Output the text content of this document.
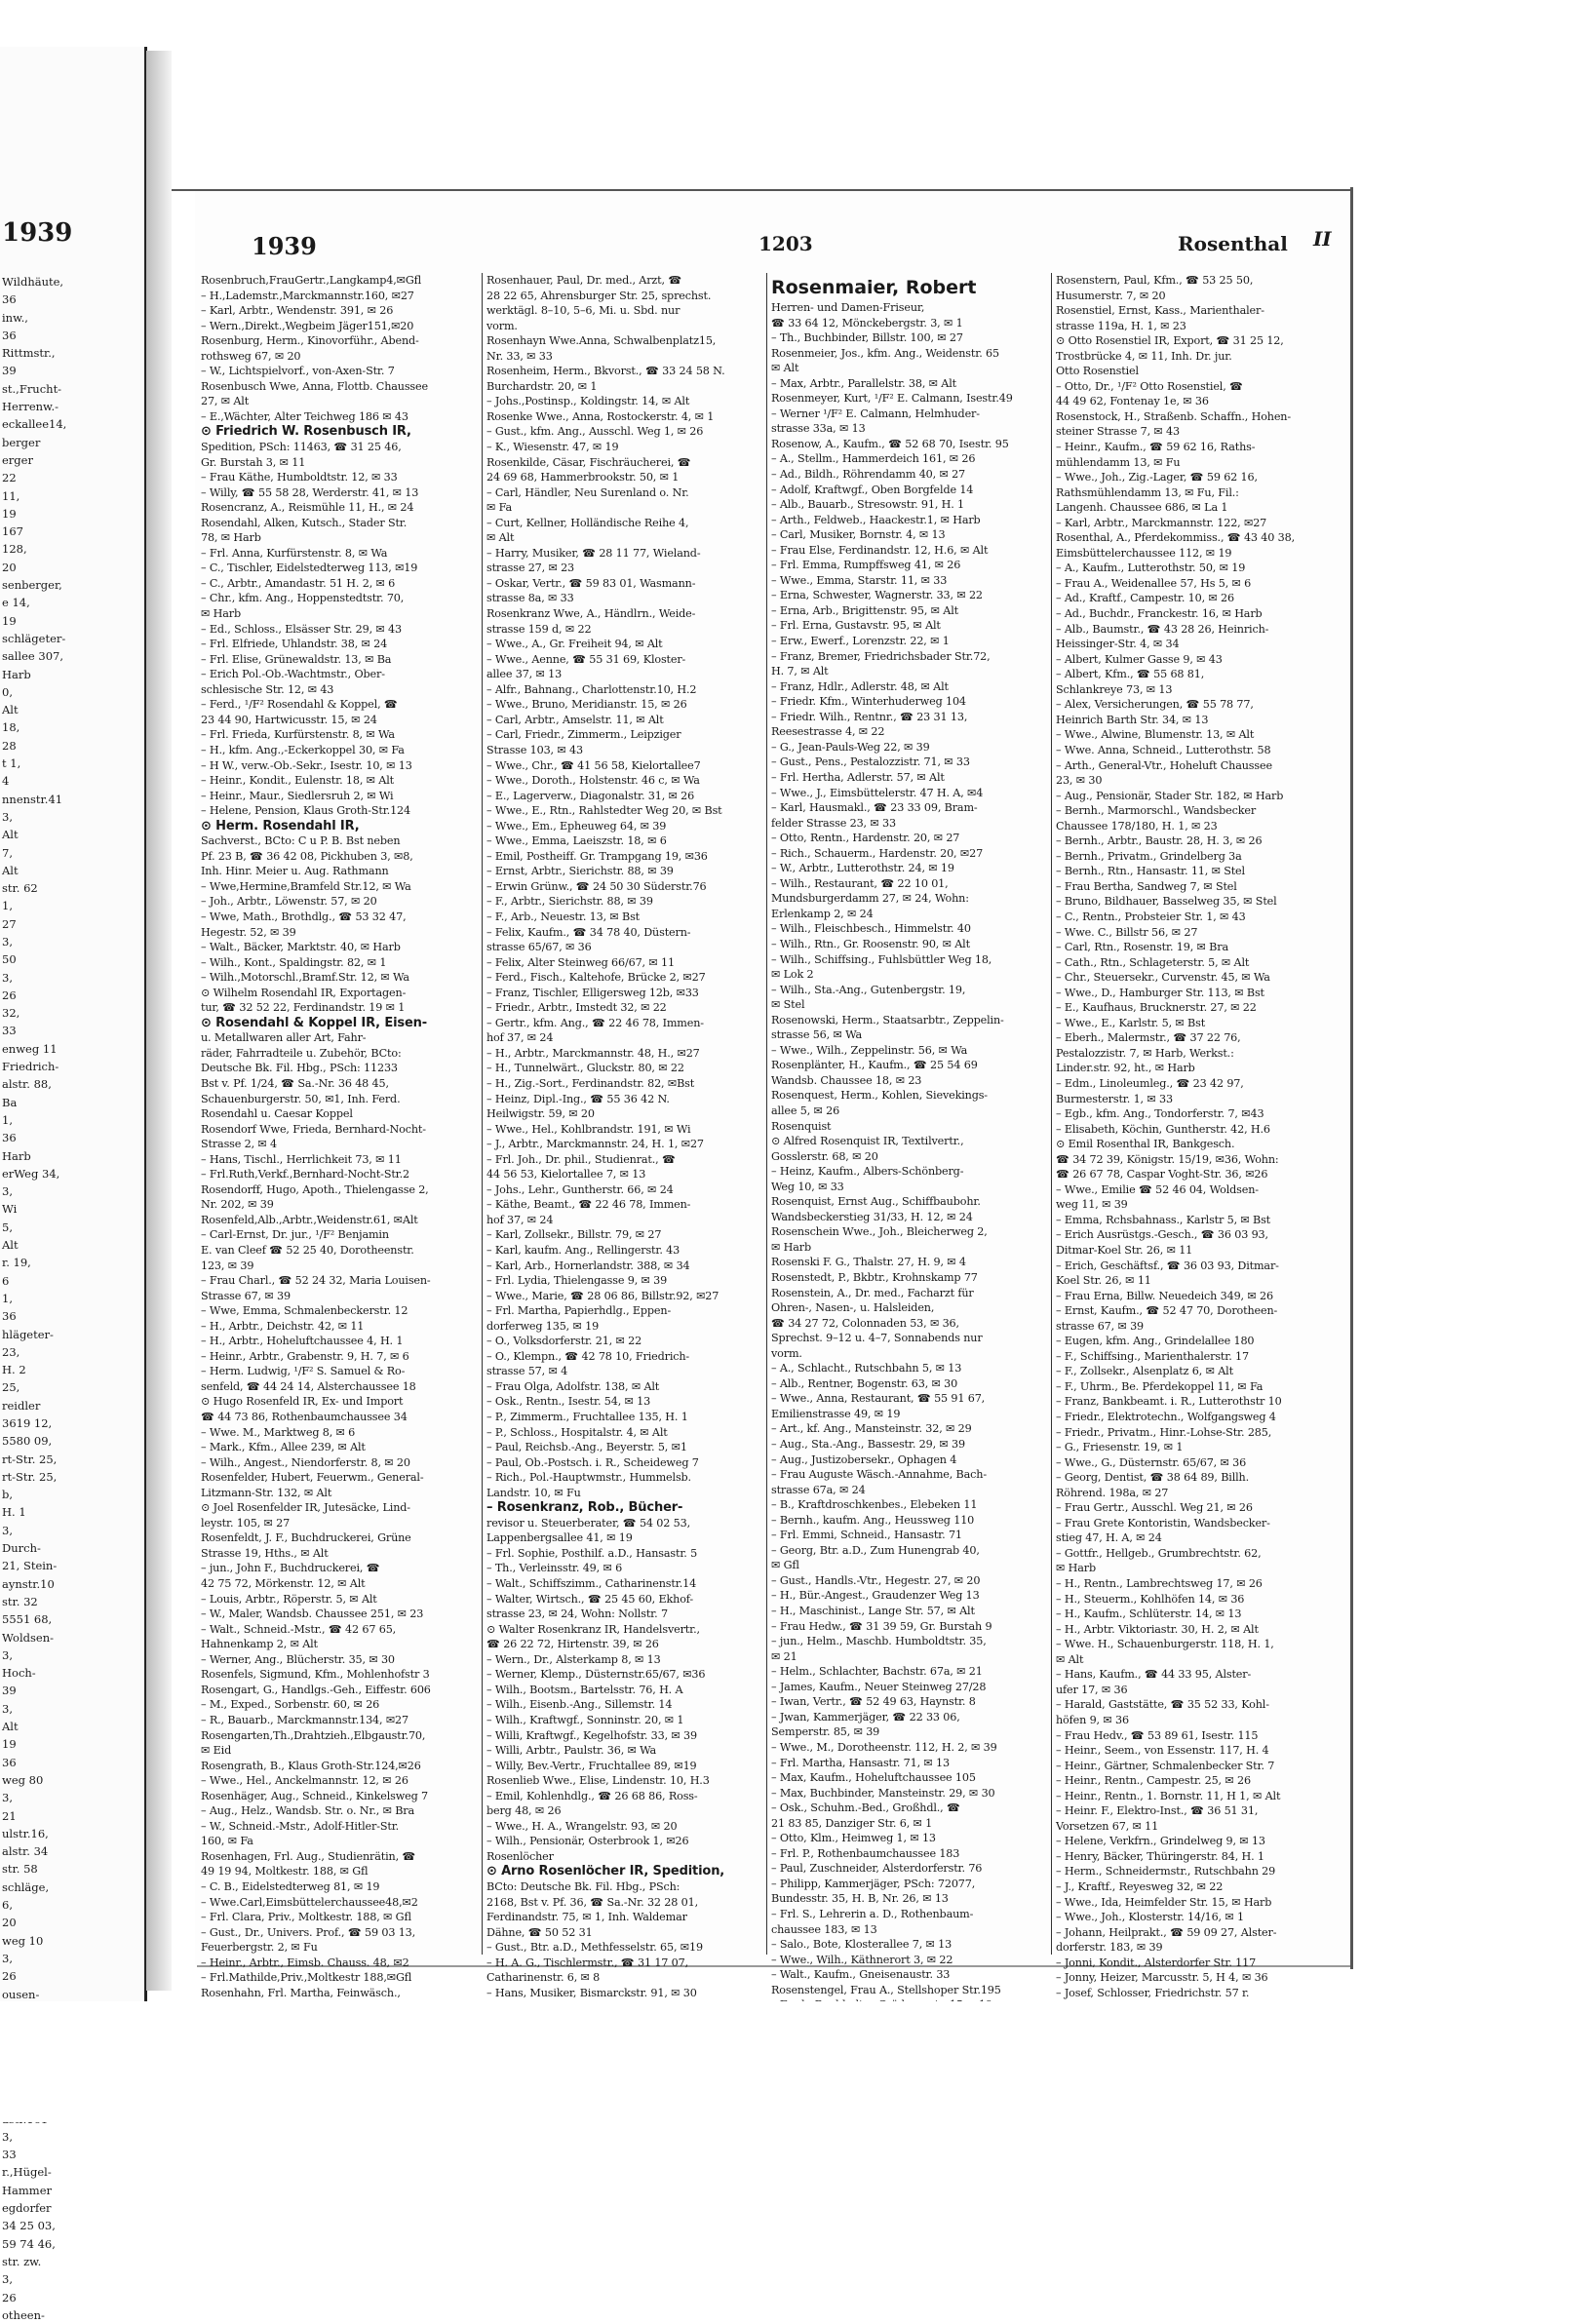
1939
Wildhäute,
36
inw.,
36
Rittmstr.,
39
st.,Frucht-
Herrenw.-
eckallee14,
berger
erger
22
11,
19
167
128,
20
senberger,
e 14,
19
schlägeter-
sallee 307,
Harb
0,
Alt
18,
28
t 1,
4
nnenstr.41
3,
Alt
7,
Alt
str. 62
1,
27
3,
50
3,
26
32,
33
enweg 11
Friedrich-
alstr. 88,
Ba
1,
36
Harb
erWeg 34,
3,
Wi
5,
Alt
r. 19,
6
1,
36
hlägeter-
23,
H. 2
25,
reidler
3619 12,
5580 09,
rt-Str. 25,
rt-Str. 25,
b,
H. 1
3,
Durch-
21, Stein-
aynstr.10
str. 32
5551 68,
Woldsen-
3,
Hoch-
39
3,
Alt
19
36
weg 80
3,
21
ulstr.16,
alstr. 34
str. 58
schläge,
6,
20
weg 10
3,
26
ousen-
3,
33
r.,Hügel-
Hammer
egdorfer
34 25 03,
59 74 46,
str. zw.
3,
26
otheen-
1939	1203	Rosenthal II
Rosenbruch,FrauGertr.,Langkamp4,✉Gfl
– H.,Lademstr.,Marckmannstr.160, ✉27
– Karl, Arbtr., Wendenstr. 391, ✉ 26
– Wern.,Direkt.,Wegbeim Jäger151,✉20
Rosenburg, Herm., Kinovorführ., Abend-
rothsweg 67, ✉ 20
– W., Lichtspielvorf., von-Axen-Str. 7
Rosenbusch Wwe, Anna, Flottb. Chaussee
27, ✉ Alt
– E.,Wächter, Alter Teichweg 186 ✉ 43
⊙ Friedrich W. Rosenbusch IR,
Spedition, PSch: 11463, ☎ 31 25 46,
Gr. Burstah 3, ✉ 11
– Frau Käthe, Humboldtstr. 12, ✉ 33
– Willy, ☎ 55 58 28, Werderstr. 41, ✉ 13
Rosencranz, A., Reismühle 11, H., ✉ 24
Rosendahl, Alken, Kutsch., Stader Str.
78, ✉ Harb
– Frl. Anna, Kurfürstenstr. 8, ✉ Wa
– C., Tischler, Eidelstedterweg 113, ✉19
– C., Arbtr., Amandastr. 51 H. 2, ✉ 6
– Chr., kfm. Ang., Hoppenstedtstr. 70,
✉ Harb
– Ed., Schloss., Elsässer Str. 29, ✉ 43
– Frl. Elfriede, Uhlandstr. 38, ✉ 24
– Frl. Elise, Grünewaldstr. 13, ✉ Ba
– Erich Pol.-Ob.-Wachtmstr., Ober-
schlesische Str. 12, ✉ 43
– Ferd., ¹/F² Rosendahl & Koppel, ☎
23 44 90, Hartwicusstr. 15, ✉ 24
– Frl. Frieda, Kurfürstenstr. 8, ✉ Wa
– H., kfm. Ang.,-Eckerkoppel 30, ✉ Fa
– H W., verw.-Ob.-Sekr., Isestr. 10, ✉ 13
– Heinr., Kondit., Eulenstr. 18, ✉ Alt
– Heinr., Maur., Siedlersruh 2, ✉ Wi
– Helene, Pension, Klaus Groth-Str.124
⊙ Herm. Rosendahl IR,
Sachverst., BCto: C u P. B. Bst neben
Pf. 23 B, ☎ 36 42 08, Pickhuben 3, ✉8,
Inh. Hinr. Meier u. Aug. Rathmann
– Wwe,Hermine,Bramfeld Str.12, ✉ Wa
– Joh., Arbtr., Löwenstr. 57, ✉ 20
– Wwe, Math., Brothdlg., ☎ 53 32 47,
Hegestr. 52, ✉ 39
– Walt., Bäcker, Marktstr. 40, ✉ Harb
– Wilh., Kont., Spaldingstr. 82, ✉ 1
– Wilh.,Motorschl.,Bramf.Str. 12, ✉ Wa
⊙ Wilhelm Rosendahl IR, Exportagen-
tur, ☎ 32 52 22, Ferdinandstr. 19 ✉ 1
⊙ Rosendahl & Koppel IR, Eisen-
u. Metallwaren aller Art, Fahr-
räder, Fahrradteile u. Zubehör, BCto:
Deutsche Bk. Fil. Hbg., PSch: 11233
Bst v. Pf. 1/24, ☎ Sa.-Nr. 36 48 45,
Schauenburgerstr. 50, ✉1, Inh. Ferd.
Rosendahl u. Caesar Koppel
Rosendorf Wwe, Frieda, Bernhard-Nocht-
Strasse 2, ✉ 4
– Hans, Tischl., Herrlichkeit 73, ✉ 11
– Frl.Ruth,Verkf.,Bernhard-Nocht-Str.2
Rosendorff, Hugo, Apoth., Thielengasse 2,
Nr. 202, ✉ 39
Rosenfeld,Alb.,Arbtr.,Weidenstr.61, ✉Alt
– Carl-Ernst, Dr. jur., ¹/F² Benjamin
E. van Cleef ☎ 52 25 40, Dorotheenstr.
123, ✉ 39
– Frau Charl., ☎ 52 24 32, Maria Louisen-
Strasse 67, ✉ 39
– Wwe, Emma, Schmalenbeckerstr. 12
– H., Arbtr., Deichstr. 42, ✉ 11
– H., Arbtr., Hoheluftchaussee 4, H. 1
– Heinr., Arbtr., Grabenstr. 9, H. 7, ✉ 6
– Herm. Ludwig, ¹/F² S. Samuel & Ro-
senfeld, ☎ 44 24 14, Alsterchaussee 18
⊙ Hugo Rosenfeld IR, Ex- und Import
☎ 44 73 86, Rothenbaumchaussee 34
– Wwe. M., Marktweg 8, ✉ 6
– Mark., Kfm., Allee 239, ✉ Alt
– Wilh., Angest., Niendorferstr. 8, ✉ 20
Rosenfelder, Hubert, Feuerwm., General-
Litzmann-Str. 132, ✉ Alt
⊙ Joel Rosenfelder IR, Jutesäcke, Lind-
leystr. 105, ✉ 27
Rosenfeldt, J. F., Buchdruckerei, Grüne
Strasse 19, Hths., ✉ Alt
– jun., John F., Buchdruckerei, ☎
42 75 72, Mörkenstr. 12, ✉ Alt
– Louis, Arbtr., Röperstr. 5, ✉ Alt
– W., Maler, Wandsb. Chaussee 251, ✉ 23
– Walt., Schneid.-Mstr., ☎ 42 67 65,
Hahnenkamp 2, ✉ Alt
– Werner, Ang., Blücherstr. 35, ✉ 30
Rosenfels, Sigmund, Kfm., Mohlenhofstr 3
Rosengart, G., Handlgs.-Geh., Eiffestr. 606
– M., Exped., Sorbenstr. 60, ✉ 26
– R., Bauarb., Marckmannstr.134, ✉27
Rosengarten,Th.,Drahtzieh.,Elbgaustr.70,
✉ Eid
Rosengrath, B., Klaus Groth-Str.124,✉26
– Wwe., Hel., Anckelmannstr. 12, ✉ 26
Rosenhäger, Aug., Schneid., Kinkelsweg 7
– Aug., Helz., Wandsb. Str. o. Nr., ✉ Bra
– W., Schneid.-Mstr., Adolf-Hitler-Str.
160, ✉ Fa
Rosenhagen, Frl. Aug., Studienrätin, ☎
49 19 94, Moltkestr. 188, ✉ Gfl
– C. B., Eidelstedterweg 81, ✉ 19
– Wwe.Carl,Eimsbüttelerchaussee48,✉2
– Frl. Clara, Priv., Moltkestr. 188, ✉ Gfl
– Gust., Dr., Univers. Prof., ☎ 59 03 13,
Feuerbergstr. 2, ✉ Fu
– Heinr., Arbtr., Eimsb. Chauss. 48, ✉2
– Frl.Mathilde,Priv.,Moltkestr 188,✉Gfl
Rosenhahn, Frl. Martha, Feinwäsch.,
Rosenhauer, Paul, Dr. med., Arzt, ☎
28 22 65, Ahrensburger Str. 25, sprechst.
werktägl. 8–10, 5–6, Mi. u. Sbd. nur
vorm.
Rosenhayn Wwe.Anna, Schwalbenplatz15,
Nr. 33, ✉ 33
Rosenheim, Herm., Bkvorst., ☎ 33 24 58 N.
Burchardstr. 20, ✉ 1
– Johs.,Postinsp., Koldingstr. 14, ✉ Alt
Rosenke Wwe., Anna, Rostockerstr. 4, ✉ 1
– Gust., kfm. Ang., Ausschl. Weg 1, ✉ 26
– K., Wiesenstr. 47, ✉ 19
Rosenkilde, Cäsar, Fischräucherei, ☎
24 69 68, Hammerbrookstr. 50, ✉ 1
– Carl, Händler, Neu Surenland o. Nr.
✉ Fa
– Curt, Kellner, Holländische Reihe 4,
✉ Alt
– Harry, Musiker, ☎ 28 11 77, Wieland-
strasse 27, ✉ 23
– Oskar, Vertr., ☎ 59 83 01, Wasmann-
strasse 8a, ✉ 33
Rosenkranz Wwe, A., Händlrn., Weide-
strasse 159 d, ✉ 22
– Wwe., A., Gr. Freiheit 94, ✉ Alt
– Wwe., Aenne, ☎ 55 31 69, Kloster-
allee 37, ✉ 13
– Alfr., Bahnang., Charlottenstr.10, H.2
– Wwe., Bruno, Meridianstr. 15, ✉ 26
– Carl, Arbtr., Amselstr. 11, ✉ Alt
– Carl, Friedr., Zimmerm., Leipziger
Strasse 103, ✉ 43
– Wwe., Chr., ☎ 41 56 58, Kielortallee7
– Wwe., Doroth., Holstenstr. 46 c, ✉ Wa
– E., Lagerverw., Diagonalstr. 31, ✉ 26
– Wwe., E., Rtn., Rahlstedter Weg 20, ✉ Bst
– Wwe., Em., Epheuweg 64, ✉ 39
– Wwe., Emma, Laeiszstr. 18, ✉ 6
– Emil, Postheiff. Gr. Trampgang 19, ✉36
– Ernst, Arbtr., Sierichstr. 88, ✉ 39
– Erwin Grünw., ☎ 24 50 30 Süderstr.76
– F., Arbtr., Sierichstr. 88, ✉ 39
– F., Arb., Neuestr. 13, ✉ Bst
– Felix, Kaufm., ☎ 34 78 40, Düstern-
strasse 65/67, ✉ 36
– Felix, Alter Steinweg 66/67, ✉ 11
– Ferd., Fisch., Kaltehofe, Brücke 2, ✉27
– Franz, Tischler, Elligersweg 12b, ✉33
– Friedr., Arbtr., Imstedt 32, ✉ 22
– Gertr., kfm. Ang., ☎ 22 46 78, Immen-
hof 37, ✉ 24
– H., Arbtr., Marckmannstr. 48, H., ✉27
– H., Tunnelwärt., Gluckstr. 80, ✉ 22
– H., Zig.-Sort., Ferdinandstr. 82, ✉Bst
– Heinz, Dipl.-Ing., ☎ 55 36 42 N.
Heilwigstr. 59, ✉ 20
– Wwe., Hel., Kohlbrandstr. 191, ✉ Wi
– J., Arbtr., Marckmannstr. 24, H. 1, ✉27
– Frl. Joh., Dr. phil., Studienrat., ☎
44 56 53, Kielortallee 7, ✉ 13
– Johs., Lehr., Guntherstr. 66, ✉ 24
– Käthe, Beamt., ☎ 22 46 78, Immen-
hof 37, ✉ 24
– Karl, Zollsekr., Billstr. 79, ✉ 27
– Karl, kaufm. Ang., Rellingerstr. 43
– Karl, Arb., Hornerlandstr. 388, ✉ 34
– Frl. Lydia, Thielengasse 9, ✉ 39
– Wwe., Marie, ☎ 28 06 86, Billstr.92, ✉27
– Frl. Martha, Papierhdlg., Eppen-
dorferweg 135, ✉ 19
– O., Volksdorferstr. 21, ✉ 22
– O., Klempn., ☎ 42 78 10, Friedrich-
strasse 57, ✉ 4
– Frau Olga, Adolfstr. 138, ✉ Alt
– Osk., Rentn., Isestr. 54, ✉ 13
– P., Zimmerm., Fruchtallee 135, H. 1
– P., Schloss., Hospitalstr. 4, ✉ Alt
– Paul, Reichsb.-Ang., Beyerstr. 5, ✉1
– Paul, Ob.-Postsch. i. R., Scheideweg 7
– Rich., Pol.-Hauptwmstr., Hummelsb.
Landstr. 10, ✉ Fu
– Rosenkranz, Rob., Bücher-
revisor u. Steuerberater, ☎ 54 02 53,
Lappenbergsallee 41, ✉ 19
– Frl. Sophie, Posthilf. a.D., Hansastr. 5
– Th., Verleinsstr. 49, ✉ 6
– Walt., Schiffszimm., Catharinenstr.14
– Walter, Wirtsch., ☎ 25 45 60, Ekhof-
strasse 23, ✉ 24, Wohn: Nollstr. 7
⊙ Walter Rosenkranz IR, Handelsvertr.,
☎ 26 22 72, Hirtenstr. 39, ✉ 26
– Wern., Dr., Alsterkamp 8, ✉ 13
– Werner, Klemp., Düsternstr.65/67, ✉36
– Wilh., Bootsm., Bartelsstr. 76, H. A
– Wilh., Eisenb.-Ang., Sillemstr. 14
– Wilh., Kraftwgf., Sonninstr. 20, ✉ 1
– Willi, Kraftwgf., Kegelhofstr. 33, ✉ 39
– Willi, Arbtr., Paulstr. 36, ✉ Wa
– Willy, Bev.-Vertr., Fruchtallee 89, ✉19
Rosenlieb Wwe., Elise, Lindenstr. 10, H.3
– Emil, Kohlenhdlg., ☎ 26 68 86, Ross-
berg 48, ✉ 26
– Wwe., H. A., Wrangelstr. 93, ✉ 20
– Wilh., Pensionär, Osterbrook 1, ✉26
Rosenlöcher
⊙ Arno Rosenlöcher IR, Spedition,
BCto: Deutsche Bk. Fil. Hbg., PSch:
2168, Bst v. Pf. 36, ☎ Sa.-Nr. 32 28 01,
Ferdinandstr. 75, ✉ 1, Inh. Waldemar
Dähne, ☎ 50 52 31
– Gust., Btr. a.D., Methfesselstr. 65, ✉19
– H. A. G., Tischlermstr., ☎ 31 17 07,
Catharinenstr. 6, ✉ 8
– Hans, Musiker, Bismarckstr. 91, ✉ 30
Rosenmaier, Robert
Herren- und Damen-Friseur,
☎ 33 64 12, Mönckebergstr. 3, ✉ 1
– Th., Buchbinder, Billstr. 100, ✉ 27
Rosenmeier, Jos., kfm. Ang., Weidenstr. 65
✉ Alt
– Max, Arbtr., Parallelstr. 38, ✉ Alt
Rosenmeyer, Kurt, ¹/F² E. Calmann, Isestr.49
– Werner ¹/F² E. Calmann, Helmhuder-
strasse 33a, ✉ 13
Rosenow, A., Kaufm., ☎ 52 68 70, Isestr. 95
– A., Stellm., Hammerdeich 161, ✉ 26
– Ad., Bildh., Röhrendamm 40, ✉ 27
– Adolf, Kraftwgf., Oben Borgfelde 14
– Alb., Bauarb., Stresowstr. 91, H. 1
– Arth., Feldweb., Haackestr.1, ✉ Harb
– Carl, Musiker, Bornstr. 4, ✉ 13
– Frau Else, Ferdinandstr. 12, H.6, ✉ Alt
– Frl. Emma, Rumpffsweg 41, ✉ 26
– Wwe., Emma, Starstr. 11, ✉ 33
– Erna, Schwester, Wagnerstr. 33, ✉ 22
– Erna, Arb., Brigittenstr. 95, ✉ Alt
– Frl. Erna, Gustavstr. 95, ✉ Alt
– Erw., Ewerf., Lorenzstr. 22, ✉ 1
– Franz, Bremer, Friedrichsbader Str.72,
H. 7, ✉ Alt
– Franz, Hdlr., Adlerstr. 48, ✉ Alt
– Friedr. Kfm., Winterhuderweg 104
– Friedr. Wilh., Rentnr., ☎ 23 31 13,
Reesestrasse 4, ✉ 22
– G., Jean-Pauls-Weg 22, ✉ 39
– Gust., Pens., Pestalozzistr. 71, ✉ 33
– Frl. Hertha, Adlerstr. 57, ✉ Alt
– Wwe., J., Eimsbüttelerstr. 47 H. A, ✉4
– Karl, Hausmakl., ☎ 23 33 09, Bram-
felder Strasse 23, ✉ 33
– Otto, Rentn., Hardenstr. 20, ✉ 27
– Rich., Schauerm., Hardenstr. 20, ✉27
– W., Arbtr., Lutterothstr. 24, ✉ 19
– Wilh., Restaurant, ☎ 22 10 01,
Mundsburgerdamm 27, ✉ 24, Wohn:
Erlenkamp 2, ✉ 24
– Wilh., Fleischbesch., Himmelstr. 40
– Wilh., Rtn., Gr. Roosenstr. 90, ✉ Alt
– Wilh., Schiffsing., Fuhlsbüttler Weg 18,
✉ Lok 2
– Wilh., Sta.-Ang., Gutenbergstr. 19,
✉ Stel
Rosenowski, Herm., Staatsarbtr., Zeppelin-
strasse 56, ✉ Wa
– Wwe., Wilh., Zeppelinstr. 56, ✉ Wa
Rosenplänter, H., Kaufm., ☎ 25 54 69
Wandsb. Chaussee 18, ✉ 23
Rosenquest, Herm., Kohlen, Sievekings-
allee 5, ✉ 26
Rosenquist
⊙ Alfred Rosenquist IR, Textilvertr.,
Gosslerstr. 68, ✉ 20
– Heinz, Kaufm., Albers-Schönberg-
Weg 10, ✉ 33
Rosenquist, Ernst Aug., Schiffbaubohr.
Wandsbeckerstieg 31/33, H. 12, ✉ 24
Rosenschein Wwe., Joh., Bleicherweg 2,
✉ Harb
Rosenski F. G., Thalstr. 27, H. 9, ✉ 4
Rosenstedt, P., Bkbtr., Krohnskamp 77
Rosenstein, A., Dr. med., Facharzt für
Ohren-, Nasen-, u. Halsleiden,
☎ 34 27 72, Colonnaden 53, ✉ 36,
Sprechst. 9–12 u. 4–7, Sonnabends nur
vorm.
– A., Schlacht., Rutschbahn 5, ✉ 13
– Alb., Rentner, Bogenstr. 63, ✉ 30
– Wwe., Anna, Restaurant, ☎ 55 91 67,
Emilienstrasse 49, ✉ 19
– Art., kf. Ang., Mansteinstr. 32, ✉ 29
– Aug., Sta.-Ang., Bassestr. 29, ✉ 39
– Aug., Justizobersekr., Ophagen 4
– Frau Auguste Wäsch.-Annahme, Bach-
strasse 67a, ✉ 24
– B., Kraftdroschkenbes., Elebeken 11
– Bernh., kaufm. Ang., Heussweg 110
– Frl. Emmi, Schneid., Hansastr. 71
– Georg, Btr. a.D., Zum Hunengrab 40,
✉ Gfl
– Gust., Handls.-Vtr., Hegestr. 27, ✉ 20
– H., Bür.-Angest., Graudenzer Weg 13
– H., Maschinist., Lange Str. 57, ✉ Alt
– Frau Hedw., ☎ 31 39 59, Gr. Burstah 9
– jun., Helm., Maschb. Humboldtstr. 35,
✉ 21
– Helm., Schlachter, Bachstr. 67a, ✉ 21
– James, Kaufm., Neuer Steinweg 27/28
– Iwan, Vertr., ☎ 52 49 63, Haynstr. 8
– Jwan, Kammerjäger, ☎ 22 33 06,
Semperstr. 85, ✉ 39
– Wwe., M., Dorotheenstr. 112, H. 2, ✉ 39
– Frl. Martha, Hansastr. 71, ✉ 13
– Max, Kaufm., Hoheluftchaussee 105
– Max, Buchbinder, Mansteinstr. 29, ✉ 30
– Osk., Schuhm.-Bed., Großhdl., ☎
21 83 85, Danziger Str. 6, ✉ 1
– Otto, Klm., Heimweg 1, ✉ 13
– Frl. P., Rothenbaumchaussee 183
– Paul, Zuschneider, Alsterdorferstr. 76
– Philipp, Kammerjäger, PSch: 72077,
Bundesstr. 35, H. B, Nr. 26, ✉ 13
– Frl. S., Lehrerin a. D., Rothenbaum-
chaussee 183, ✉ 13
– Salo., Bote, Klosterallee 7, ✉ 13
– Wwe., Wilh., Käthnerort 3, ✉ 22
– Walt., Kaufm., Gneisenaustr. 33
Rosenstengel, Frau A., Stellshoper Str.195
Rosenstern, Paul, Kfm., ☎ 53 25 50,
Husumerstr. 7, ✉ 20
Rosenstiel, Ernst, Kass., Marienthaler-
strasse 119a, H. 1, ✉ 23
⊙ Otto Rosenstiel IR, Export, ☎ 31 25 12,
Trostbrücke 4, ✉ 11, Inh. Dr. jur.
Otto Rosenstiel
– Otto, Dr., ¹/F² Otto Rosenstiel, ☎
44 49 62, Fontenay 1e, ✉ 36
Rosenstock, H., Straßenb. Schaffn., Hohen-
steiner Strasse 7, ✉ 43
– Heinr., Kaufm., ☎ 59 62 16, Raths-
mühlendamm 13, ✉ Fu
– Wwe., Joh., Zig.-Lager, ☎ 59 62 16,
Rathsmühlendamm 13, ✉ Fu, Fil.:
Langenh. Chaussee 686, ✉ La 1
– Karl, Arbtr., Marckmannstr. 122, ✉27
Rosenthal, A., Pferdekommiss., ☎ 43 40 38,
Eimsbüttelerchaussee 112, ✉ 19
– A., Kaufm., Lutterothstr. 50, ✉ 19
– Frau A., Weidenallee 57, Hs 5, ✉ 6
– Ad., Kraftf., Campestr. 10, ✉ 26
– Ad., Buchdr., Franckestr. 16, ✉ Harb
– Alb., Baumstr., ☎ 43 28 26, Heinrich-
Heissinger-Str. 4, ✉ 34
– Albert, Kulmer Gasse 9, ✉ 43
– Albert, Kfm., ☎ 55 68 81,
Schlankreye 73, ✉ 13
– Alex, Versicherungen, ☎ 55 78 77,
Heinrich Barth Str. 34, ✉ 13
– Wwe., Alwine, Blumenstr. 13, ✉ Alt
– Wwe. Anna, Schneid., Lutterothstr. 58
– Arth., General-Vtr., Hoheluft Chaussee
23, ✉ 30
– Aug., Pensionär, Stader Str. 182, ✉ Harb
– Bernh., Marmorschl., Wandsbecker
Chaussee 178/180, H. 1, ✉ 23
– Bernh., Arbtr., Baustr. 28, H. 3, ✉ 26
– Bernh., Privatm., Grindelberg 3a
– Bernh., Rtn., Hansastr. 11, ✉ Stel
– Frau Bertha, Sandweg 7, ✉ Stel
– Bruno, Bildhauer, Basselweg 35, ✉ Stel
– C., Rentn., Probsteier Str. 1, ✉ 43
– Wwe. C., Billstr 56, ✉ 27
– Carl, Rtn., Rosenstr. 19, ✉ Bra
– Cath., Rtn., Schlageterstr. 5, ✉ Alt
– Chr., Steuersekr., Curvenstr. 45, ✉ Wa
– Wwe., D., Hamburger Str. 113, ✉ Bst
– E., Kaufhaus, Brucknerstr. 27, ✉ 22
– Wwe., E., Karlstr. 5, ✉ Bst
– Eberh., Malermstr., ☎ 37 22 76,
Pestalozzistr. 7, ✉ Harb, Werkst.:
Linder.str. 92, ht., ✉ Harb
– Edm., Linoleumleg., ☎ 23 42 97,
Burmesterstr. 1, ✉ 33
– Egb., kfm. Ang., Tondorferstr. 7, ✉43
– Elisabeth, Köchin, Guntherstr. 42, H.6
⊙ Emil Rosenthal IR, Bankgesch.
☎ 34 72 39, Königstr. 15/19, ✉36, Wohn:
☎ 26 67 78, Caspar Voght-Str. 36, ✉26
– Wwe., Emilie ☎ 52 46 04, Woldsen-
weg 11, ✉ 39
– Emma, Rchsbahnass., Karlstr 5, ✉ Bst
– Erich Ausrüstgs.-Gesch., ☎ 36 03 93,
Ditmar-Koel Str. 26, ✉ 11
– Erich, Geschäftsf., ☎ 36 03 93, Ditmar-
Koel Str. 26, ✉ 11
– Frau Erna, Billw. Neuedeich 349, ✉ 26
– Ernst, Kaufm., ☎ 52 47 70, Dorotheen-
strasse 67, ✉ 39
– Eugen, kfm. Ang., Grindelallee 180
– F., Schiffsing., Marienthalerstr. 17
– F., Zollsekr., Alsenplatz 6, ✉ Alt
– F., Uhrm., Be. Pferdekoppel 11, ✉ Fa
– Franz, Bankbeamt. i. R., Lutterothstr 10
– Friedr., Elektrotechn., Wolfgangsweg 4
– Friedr., Privatm., Hinr.-Lohse-Str. 285,
– G., Friesenstr. 19, ✉ 1
– Wwe., G., Düsternstr. 65/67, ✉ 36
– Georg, Dentist, ☎ 38 64 89, Billh.
Röhrend. 198a, ✉ 27
– Frau Gertr., Ausschl. Weg 21, ✉ 26
– Frau Grete Kontoristin, Wandsbecker-
stieg 47, H. A, ✉ 24
– Gottfr., Hellgeb., Grumbrechtstr. 62,
✉ Harb
– H., Rentn., Lambrechtsweg 17, ✉ 26
– H., Steuerm., Kohlhöfen 14, ✉ 36
– H., Kaufm., Schlüterstr. 14, ✉ 13
– H., Arbtr. Viktoriastr. 30, H. 2, ✉ Alt
– Wwe. H., Schauenburgerstr. 118, H. 1,
✉ Alt
– Hans, Kaufm., ☎ 44 33 95, Alster-
ufer 17, ✉ 36
– Harald, Gaststätte, ☎ 35 52 33, Kohl-
höfen 9, ✉ 36
– Frau Hedv., ☎ 53 89 61, Isestr. 115
– Heinr., Seem., von Essenstr. 117, H. 4
– Heinr., Gärtner, Schmalenbecker Str. 7
– Heinr., Rentn., Campestr. 25, ✉ 26
– Heinr., Rentn., 1. Bornstr. 11, H 1, ✉ Alt
– Heinr. F., Elektro-Inst., ☎ 36 51 31,
Vorsetzen 67, ✉ 11
– Helene, Verkfrn., Grindelweg 9, ✉ 13
– Henry, Bäcker, Thüringerstr. 84, H. 1
– Herm., Schneidermstr., Rutschbahn 29
– J., Kraftf., Reyesweg 32, ✉ 22
– Wwe., Ida, Heimfelder Str. 15, ✉ Harb
– Wwe., Joh., Klosterstr. 14/16, ✉ 1
– Johann, Heilprakt., ☎ 59 09 27, Alster-
dorferstr. 183, ✉ 39
– Jonni, Kondit., Alsterdorfer Str. 117
– Jonny, Heizer, Marcusstr. 5, H 4, ✉ 36
– Josef, Schlosser, Friedrichstr. 57 r.
